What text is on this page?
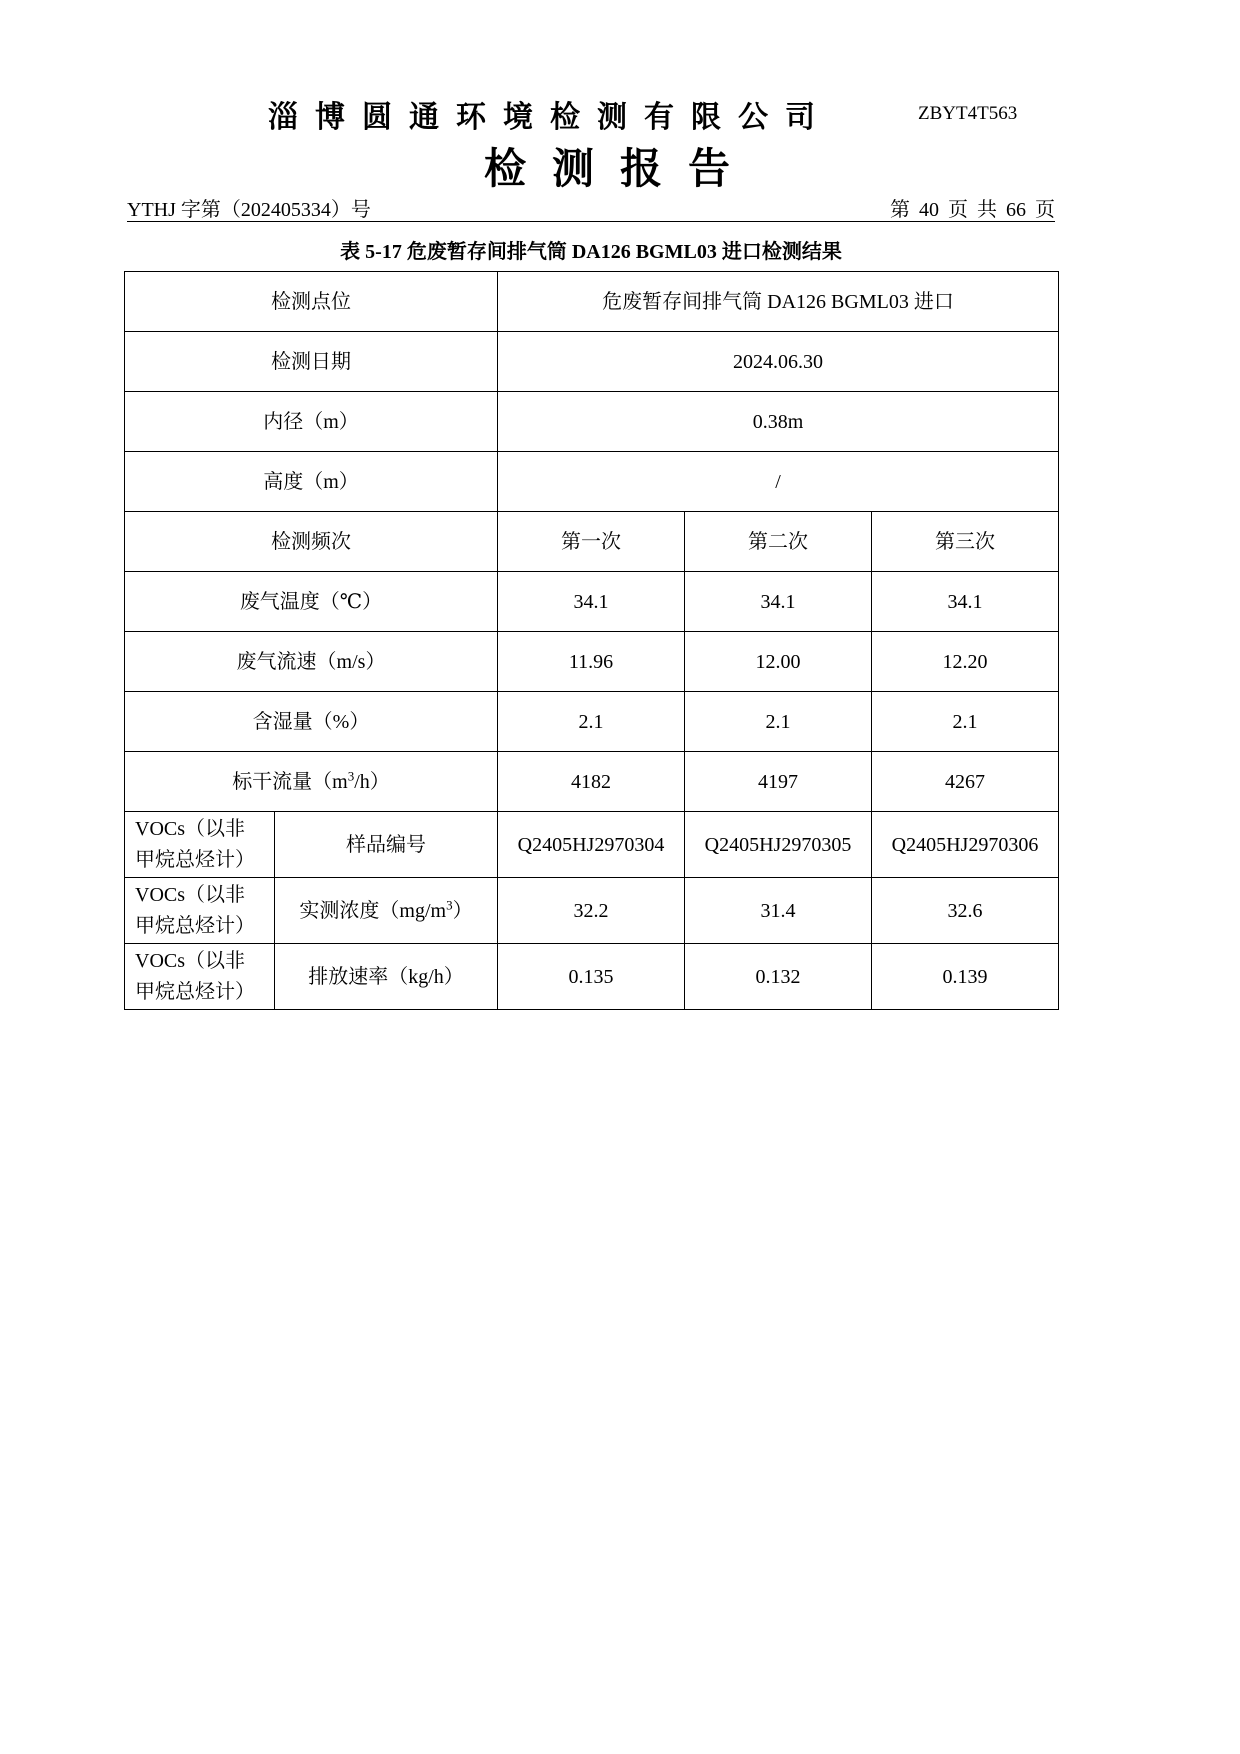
淄博圆通环境检测有限公司	ZBYT4T563
检测报告
YTHJ 字第（202405334）号	第 40 页 共 66 页
表 5-17 危废暂存间排气筒 DA126 BGML03 进口检测结果
检测点位		危废暂存间排气筒 DA126 BGML03 进口		
检测日期		2024.06.30		
内径（m）		0.38m		
高度（m）		/		
检测频次		第一次	第二次	第三次
废气温度（℃）		34.1	34.1	34.1
废气流速（m/s）		11.96	12.00	12.20
含湿量（%）		2.1	2.1	2.1
标干流量$(m^3/h)$		4182	4197	4267
VOCs（以非
甲烷总烃计）	样品编号	Q2405HJ2970304	Q2405HJ2970305	Q2405HJ2970306
VOCs（以非
甲烷总烃计）	实测浓度$(mg/m^3)$	32.2	31.4	32.6
VOCs（以非
甲烷总烃计）	排放速率（kg/h）	0.135	0.132	0.139
